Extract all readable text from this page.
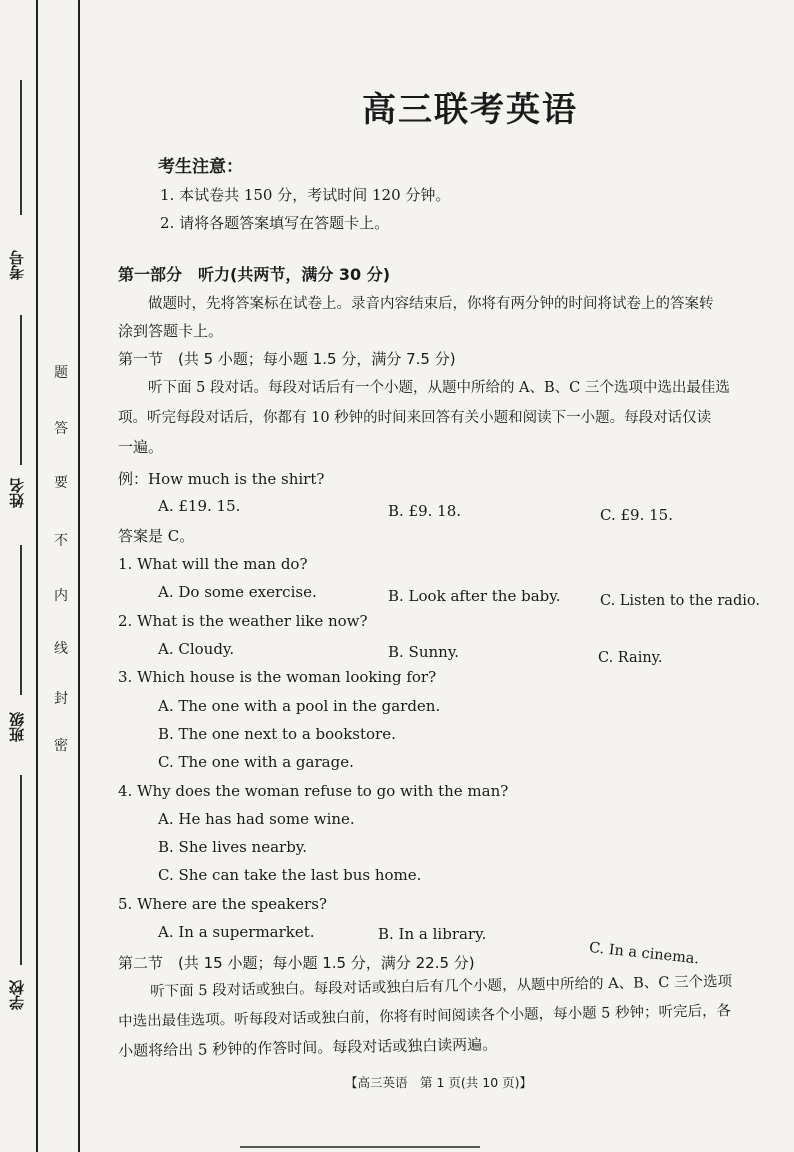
考号
姓名
班级
学校
密
封
线
内
不
要
答
题
高三联考英语
考生注意：
1. 本试卷共 150 分，考试时间 120 分钟。
2. 请将各题答案填写在答题卡上。
第一部分　听力(共两节，满分 30 分)
做题时，先将答案标在试卷上。录音内容结束后，你将有两分钟的时间将试卷上的答案转
涂到答题卡上。
第一节　(共 5 小题；每小题 1.5 分，满分 7.5 分)
听下面 5 段对话。每段对话后有一个小题，从题中所给的 A、B、C 三个选项中选出最佳选
项。听完每段对话后，你都有 10 秒钟的时间来回答有关小题和阅读下一小题。每段对话仅读
一遍。
例：How much is the shirt?
A. £19. 15.	B. £9. 18.	C. £9. 15.
答案是 C。
1. What will the man do?
A. Do some exercise.	B. Look after the baby.	C. Listen to the radio.
2. What is the weather like now?
A. Cloudy.	B. Sunny.	C. Rainy.
3. Which house is the woman looking for?
A. The one with a pool in the garden.
B. The one next to a bookstore.
C. The one with a garage.
4. Why does the woman refuse to go with the man?
A. He has had some wine.
B. She lives nearby.
C. She can take the last bus home.
5. Where are the speakers?
A. In a supermarket.	B. In a library.
C. In a cinema.
第二节　(共 15 小题；每小题 1.5 分，满分 22.5 分)
听下面 5 段对话或独白。每段对话或独白后有几个小题，从题中所给的 A、B、C 三个选项
中选出最佳选项。听每段对话或独白前，你将有时间阅读各个小题，每小题 5 秒钟；听完后，各
小题将给出 5 秒钟的作答时间。每段对话或独白读两遍。
【高三英语　第 1 页(共 10 页)】
